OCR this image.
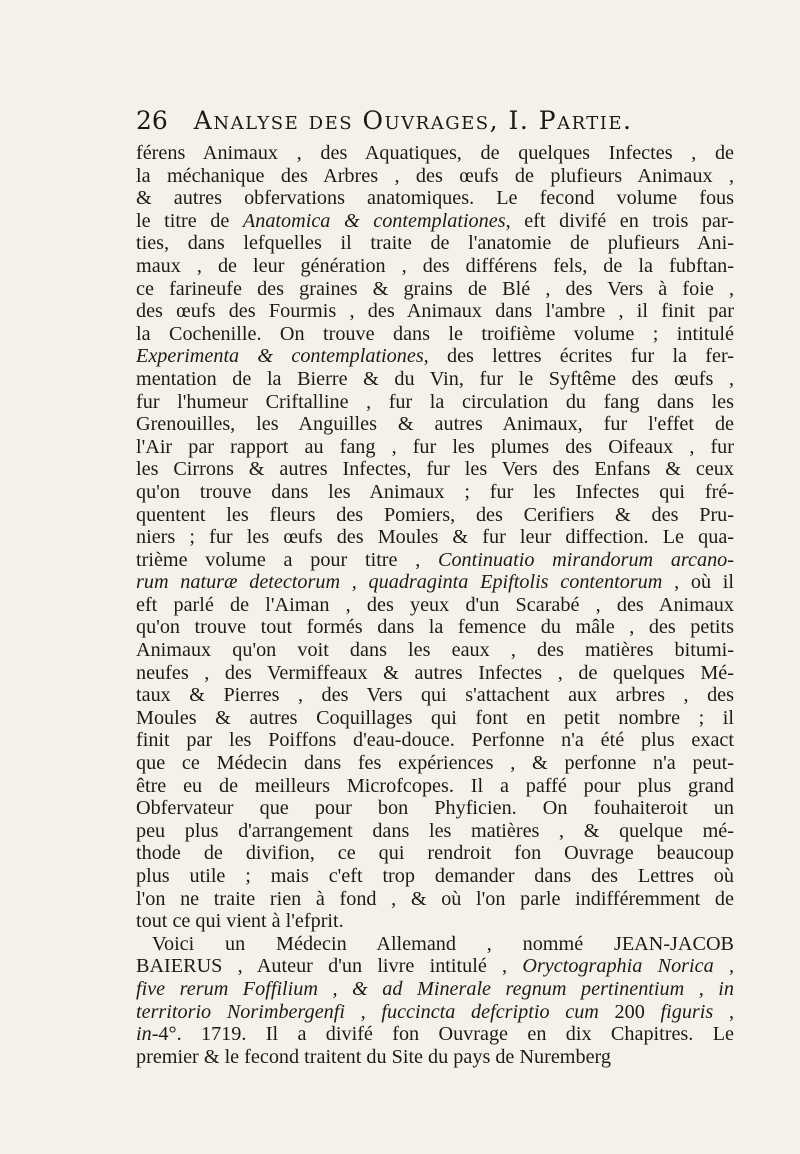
26 Analyse des Ouvrages, I. Partie.
férens Animaux , des Aquatiques, de quelques Infectes , de
la méchanique des Arbres , des œufs de plufieurs Animaux ,
& autres obfervations anatomiques. Le fecond volume fous
le titre de Anatomica & contemplationes, eft divifé en trois par-
ties, dans lefquelles il traite de l'anatomie de plufieurs Ani-
maux , de leur génération , des différens fels, de la fubftan-
ce farineufe des graines & grains de Blé , des Vers à foie ,
des œufs des Fourmis , des Animaux dans l'ambre , il finit par
la Cochenille. On trouve dans le troifième volume ; intitulé
Experimenta & contemplationes, des lettres écrites fur la fer-
mentation de la Bierre & du Vin, fur le Syftême des œufs ,
fur l'humeur Criftalline , fur la circulation du fang dans les
Grenouilles, les Anguilles & autres Animaux, fur l'effet de
l'Air par rapport au fang , fur les plumes des Oifeaux , fur
les Cirrons & autres Infectes, fur les Vers des Enfans & ceux
qu'on trouve dans les Animaux ; fur les Infectes qui fré-
quentent les fleurs des Pomiers, des Cerifiers & des Pru-
niers ; fur les œufs des Moules & fur leur diffection. Le qua-
trième volume a pour titre , Continuatio mirandorum arcano-
rum naturæ detectorum , quadraginta Epiftolis contentorum , où il
eft parlé de l'Aiman , des yeux d'un Scarabé , des Animaux
qu'on trouve tout formés dans la femence du mâle , des petits
Animaux qu'on voit dans les eaux , des matières bitumi-
neufes , des Vermiffeaux & autres Infectes , de quelques Mé-
taux & Pierres , des Vers qui s'attachent aux arbres , des
Moules & autres Coquillages qui font en petit nombre ; il
finit par les Poiffons d'eau-douce. Perfonne n'a été plus exact
que ce Médecin dans fes expériences , & perfonne n'a peut-
être eu de meilleurs Microfcopes. Il a paffé pour plus grand
Obfervateur que pour bon Phyficien. On fouhaiteroit un
peu plus d'arrangement dans les matières , & quelque mé-
thode de divifion, ce qui rendroit fon Ouvrage beaucoup
plus utile ; mais c'eft trop demander dans des Lettres où
l'on ne traite rien à fond , & où l'on parle indifféremment de
tout ce qui vient à l'efprit.
Voici un Médecin Allemand , nommé JEAN-JACOB
BAIERUS , Auteur d'un livre intitulé , Oryctographia Norica ,
five rerum Foffilium , & ad Minerale regnum pertinentium , in
territorio Norimbergenfi , fuccincta defcriptio cum 200 figuris ,
in-4°. 1719. Il a divifé fon Ouvrage en dix Chapitres. Le
premier & le fecond traitent du Site du pays de Nuremberg
